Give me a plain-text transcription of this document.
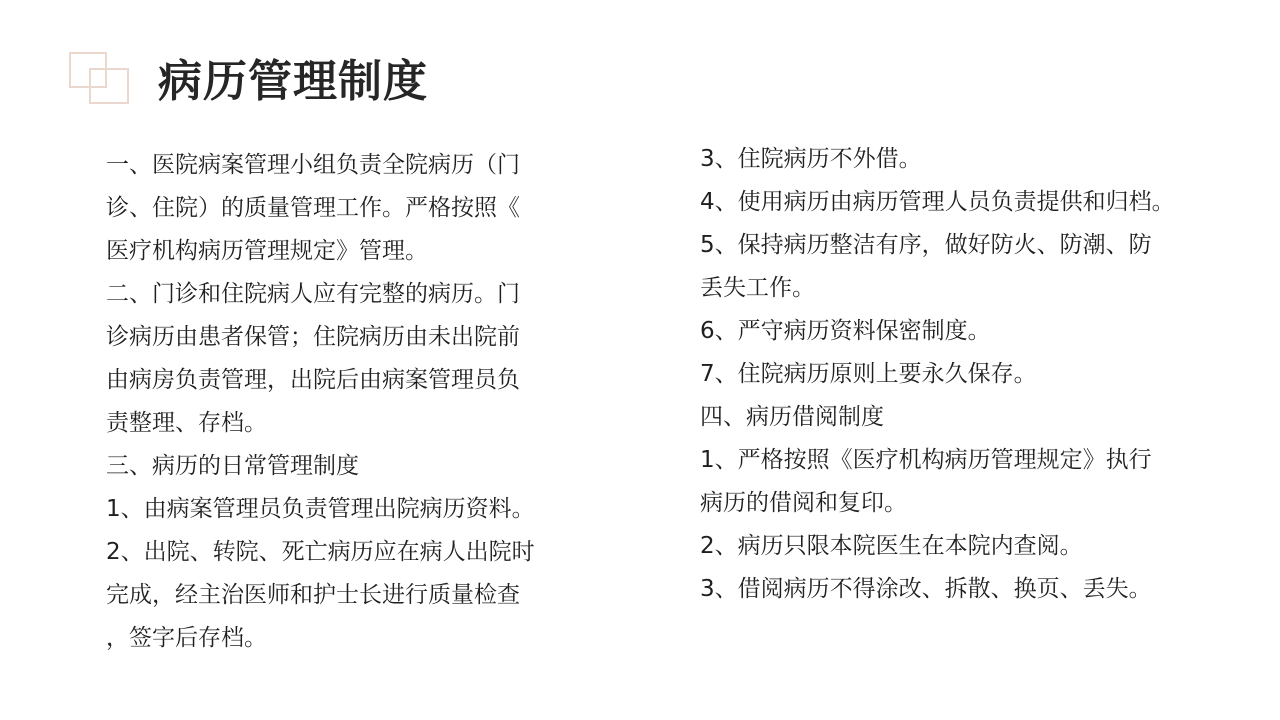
病历管理制度
一、医院病案管理小组负责全院病历（门
诊、住院）的质量管理工作。严格按照《
医疗机构病历管理规定》管理。
二、门诊和住院病人应有完整的病历。门
诊病历由患者保管；住院病历由未出院前
由病房负责管理，出院后由病案管理员负
责整理、存档。
三、病历的日常管理制度
1、由病案管理员负责管理出院病历资料。
2、出院、转院、死亡病历应在病人出院时
完成，经主治医师和护士长进行质量检查
，签字后存档。
3、住院病历不外借。
4、使用病历由病历管理人员负责提供和归档。
5、保持病历整洁有序，做好防火、防潮、防
丢失工作。
6、严守病历资料保密制度。
7、住院病历原则上要永久保存。
四、病历借阅制度
1、严格按照《医疗机构病历管理规定》执行
病历的借阅和复印。
2、病历只限本院医生在本院内查阅。
3、借阅病历不得涂改、拆散、换页、丢失。
